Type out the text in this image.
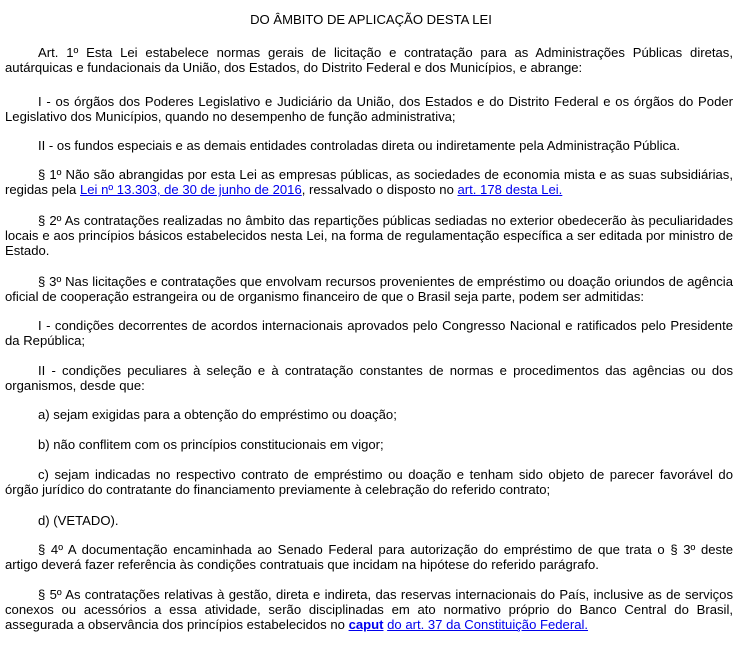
DO ÂMBITO DE APLICAÇÃO DESTA LEI

Art. 1º Esta Lei estabelece normas gerais de licitação e contratação para as Administrações Públicas diretas, autárquicas e fundacionais da União, dos Estados, do Distrito Federal e dos Municípios, e abrange:

I - os órgãos dos Poderes Legislativo e Judiciário da União, dos Estados e do Distrito Federal e os órgãos do Poder Legislativo dos Municípios, quando no desempenho de função administrativa;

II - os fundos especiais e as demais entidades controladas direta ou indiretamente pela Administração Pública.

§ 1º Não são abrangidas por esta Lei as empresas públicas, as sociedades de economia mista e as suas subsidiárias, regidas pela Lei nº 13.303, de 30 de junho de 2016, ressalvado o disposto no art. 178 desta Lei.

§ 2º As contratações realizadas no âmbito das repartições públicas sediadas no exterior obedecerão às peculiaridades locais e aos princípios básicos estabelecidos nesta Lei, na forma de regulamentação específica a ser editada por ministro de Estado.

§ 3º Nas licitações e contratações que envolvam recursos provenientes de empréstimo ou doação oriundos de agência oficial de cooperação estrangeira ou de organismo financeiro de que o Brasil seja parte, podem ser admitidas:

I - condições decorrentes de acordos internacionais aprovados pelo Congresso Nacional e ratificados pelo Presidente da República;

II - condições peculiares à seleção e à contratação constantes de normas e procedimentos das agências ou dos organismos, desde que:

a) sejam exigidas para a obtenção do empréstimo ou doação;

b) não conflitem com os princípios constitucionais em vigor;

c) sejam indicadas no respectivo contrato de empréstimo ou doação e tenham sido objeto de parecer favorável do órgão jurídico do contratante do financiamento previamente à celebração do referido contrato;

d) (VETADO).

§ 4º A documentação encaminhada ao Senado Federal para autorização do empréstimo de que trata o § 3º deste artigo deverá fazer referência às condições contratuais que incidam na hipótese do referido parágrafo.

§ 5º As contratações relativas à gestão, direta e indireta, das reservas internacionais do País, inclusive as de serviços conexos ou acessórios a essa atividade, serão disciplinadas em ato normativo próprio do Banco Central do Brasil, assegurada a observância dos princípios estabelecidos no caput do art. 37 da Constituição Federal.
